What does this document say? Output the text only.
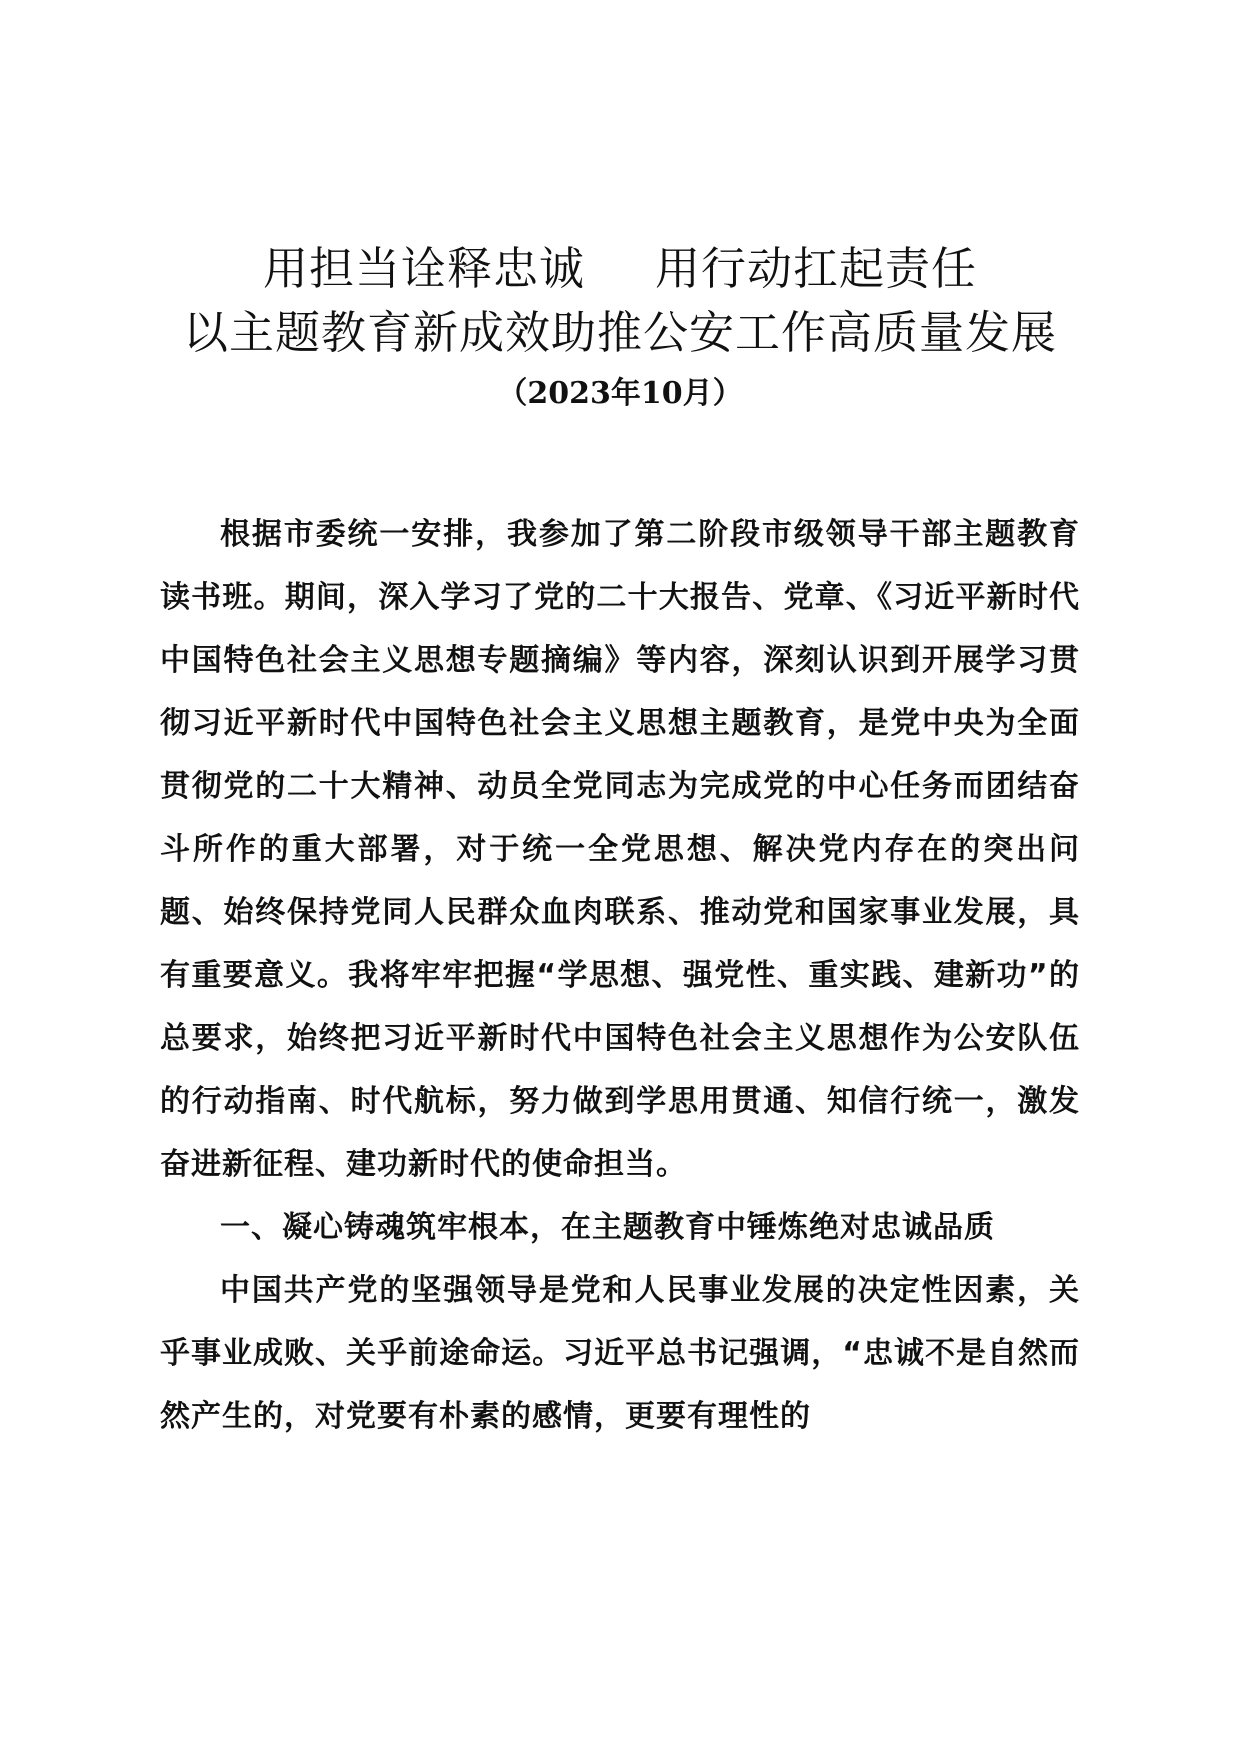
用担当诠释忠诚 用行动扛起责任
以主题教育新成效助推公安工作高质量发展
（2023年10月）

根据市委统一安排，我参加了第二阶段市级领导干部主题教育读书班。期间，深入学习了党的二十大报告、党章、《习近平新时代中国特色社会主义思想专题摘编》等内容，深刻认识到开展学习贯彻习近平新时代中国特色社会主义思想主题教育，是党中央为全面贯彻党的二十大精神、动员全党同志为完成党的中心任务而团结奋斗所作的重大部署，对于统一全党思想、解决党内存在的突出问题、始终保持党同人民群众血肉联系、推动党和国家事业发展，具有重要意义。我将牢牢把握“学思想、强党性、重实践、建新功”的总要求，始终把习近平新时代中国特色社会主义思想作为公安队伍的行动指南、时代航标，努力做到学思用贯通、知信行统一，激发奋进新征程、建功新时代的使命担当。

一、凝心铸魂筑牢根本，在主题教育中锤炼绝对忠诚品质

中国共产党的坚强领导是党和人民事业发展的决定性因素，关乎事业成败、关乎前途命运。习近平总书记强调，“忠诚不是自然而然产生的，对党要有朴素的感情，更要有理性的
